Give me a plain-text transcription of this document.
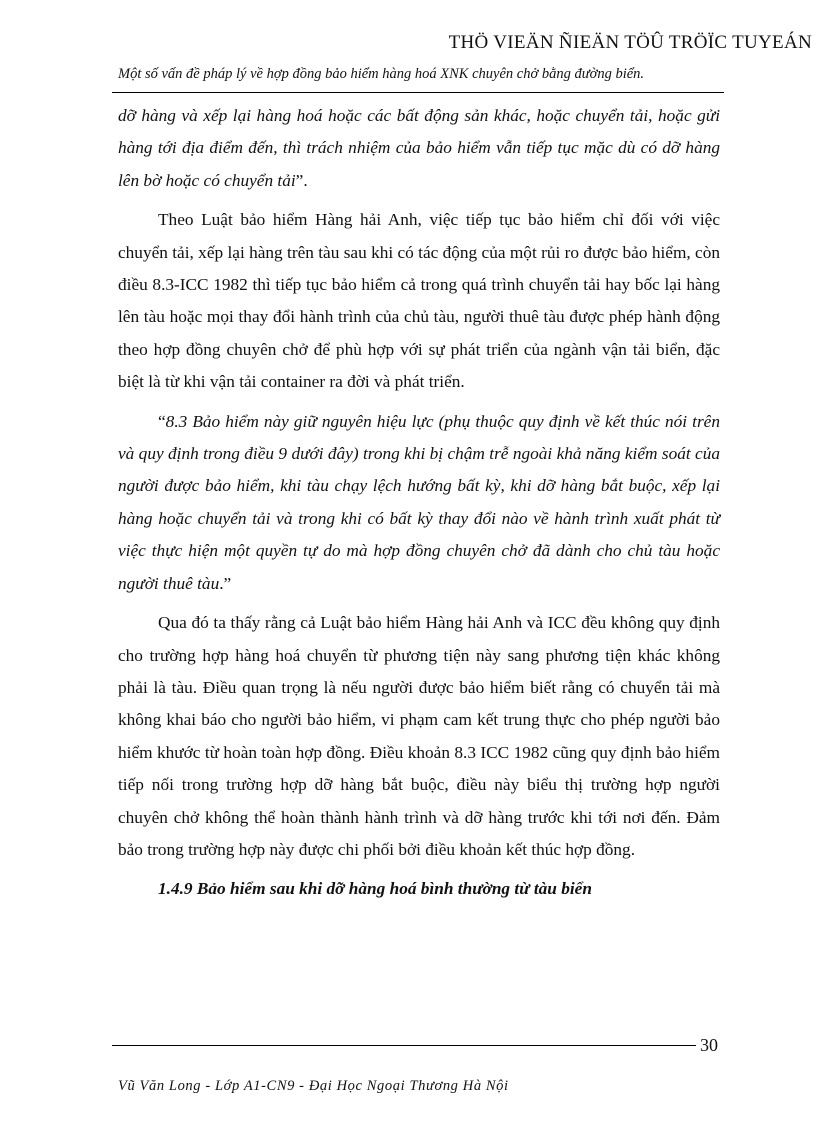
THÖ VIEÄN ÑIEÄN TÖÛ TRÖÏC TUYEÁN
Một số vấn đề pháp lý về hợp đồng bảo hiểm hàng hoá XNK chuyên chở bằng đường biển.

dỡ hàng và xếp lại hàng hoá hoặc các bất động sản khác, hoặc chuyển tải, hoặc gửi hàng tới địa điểm đến, thì trách nhiệm của bảo hiểm vẫn tiếp tục mặc dù có dỡ hàng lên bờ hoặc có chuyển tải”.

Theo Luật bảo hiểm Hàng hải Anh, việc tiếp tục bảo hiểm chỉ đối với việc chuyển tải, xếp lại hàng trên tàu sau khi có tác động của một rủi ro được bảo hiểm, còn điều 8.3-ICC 1982 thì tiếp tục bảo hiểm cả trong quá trình chuyển tải hay bốc lại hàng lên tàu hoặc mọi thay đổi hành trình của chủ tàu, người thuê tàu được phép hành động theo hợp đồng chuyên chở để phù hợp với sự phát triển của ngành vận tải biển, đặc biệt là từ khi vận tải container ra đời và phát triển.

“8.3 Bảo hiểm này giữ nguyên hiệu lực (phụ thuộc quy định về kết thúc nói trên và quy định trong điều 9 dưới đây) trong khi bị chậm trễ ngoài khả năng kiểm soát của người được bảo hiểm, khi tàu chạy lệch hướng bất kỳ, khi dỡ hàng bắt buộc, xếp lại hàng hoặc chuyển tải và trong khi có bất kỳ thay đổi nào về hành trình xuất phát từ việc thực hiện một quyền tự do mà hợp đồng chuyên chở đã dành cho chủ tàu hoặc người thuê tàu.”

Qua đó ta thấy rằng cả Luật bảo hiểm Hàng hải Anh và ICC đều không quy định cho trường hợp hàng hoá chuyển từ phương tiện này sang phương tiện khác không phải là tàu. Điều quan trọng là nếu người được bảo hiểm biết rằng có chuyển tải mà không khai báo cho người bảo hiểm, vi phạm cam kết trung thực cho phép người bảo hiểm khước từ hoàn toàn hợp đồng. Điều khoản 8.3 ICC 1982 cũng quy định bảo hiểm tiếp nối trong trường hợp dỡ hàng bắt buộc, điều này biểu thị trường hợp người chuyên chở không thể hoàn thành hành trình và dỡ hàng trước khi tới nơi đến. Đảm bảo trong trường hợp này được chi phối bởi điều khoản kết thúc hợp đồng.

1.4.9 Bảo hiểm sau khi dỡ hàng hoá bình thường từ tàu biển

30
Vũ Văn Long - Lớp A1-CN9 - Đại Học Ngoại Thương Hà Nội
